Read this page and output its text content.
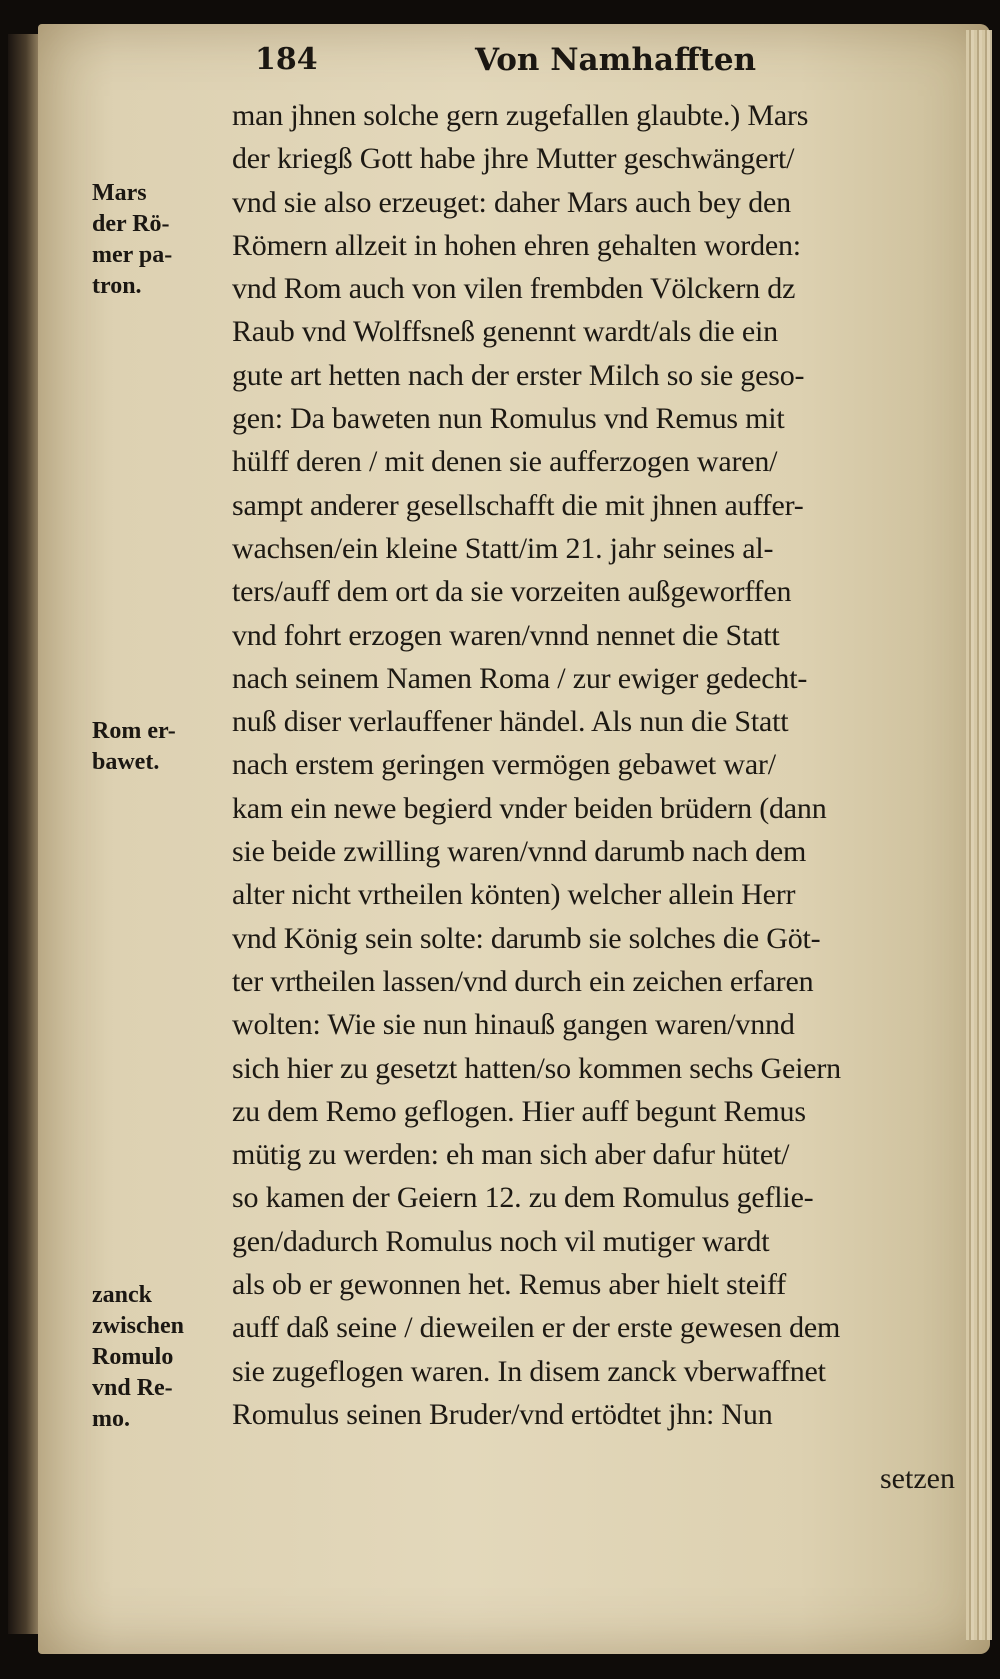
184	Von Namhafften
Mars
der Rö-
mer pa-
tron.
Rom er-
bawet.
zanck
zwischen
Romulo
vnd Re-
mo.
man jhnen solche gern zugefallen glaubte.) Mars
der kriegß Gott habe jhre Mutter geschwängert/
vnd sie also erzeuget: daher Mars auch bey den
Römern allzeit in hohen ehren gehalten worden:
vnd Rom auch von vilen frembden Völckern dz
Raub vnd Wolffsneß genennt wardt/als die ein
gute art hetten nach der erster Milch so sie geso-
gen: Da baweten nun Romulus vnd Remus mit
hülff deren / mit denen sie aufferzogen waren/
sampt anderer gesellschafft die mit jhnen auffer-
wachsen/ein kleine Statt/im 21. jahr seines al-
ters/auff dem ort da sie vorzeiten außgeworffen
vnd fohrt erzogen waren/vnnd nennet die Statt
nach seinem Namen Roma / zur ewiger gedecht-
nuß diser verlauffener händel. Als nun die Statt
nach erstem geringen vermögen gebawet war/
kam ein newe begierd vnder beiden brüdern (dann
sie beide zwilling waren/vnnd darumb nach dem
alter nicht vrtheilen könten) welcher allein Herr
vnd König sein solte: darumb sie solches die Göt-
ter vrtheilen lassen/vnd durch ein zeichen erfaren
wolten: Wie sie nun hinauß gangen waren/vnnd
sich hier zu gesetzt hatten/so kommen sechs Geiern
zu dem Remo geflogen. Hier auff begunt Remus
mütig zu werden: eh man sich aber dafur hütet/
so kamen der Geiern 12. zu dem Romulus geflie-
gen/dadurch Romulus noch vil mutiger wardt
als ob er gewonnen het. Remus aber hielt steiff
auff daß seine / dieweilen er der erste gewesen dem
sie zugeflogen waren. In disem zanck vberwaffnet
Romulus seinen Bruder/vnd ertödtet jhn: Nun
setzen
